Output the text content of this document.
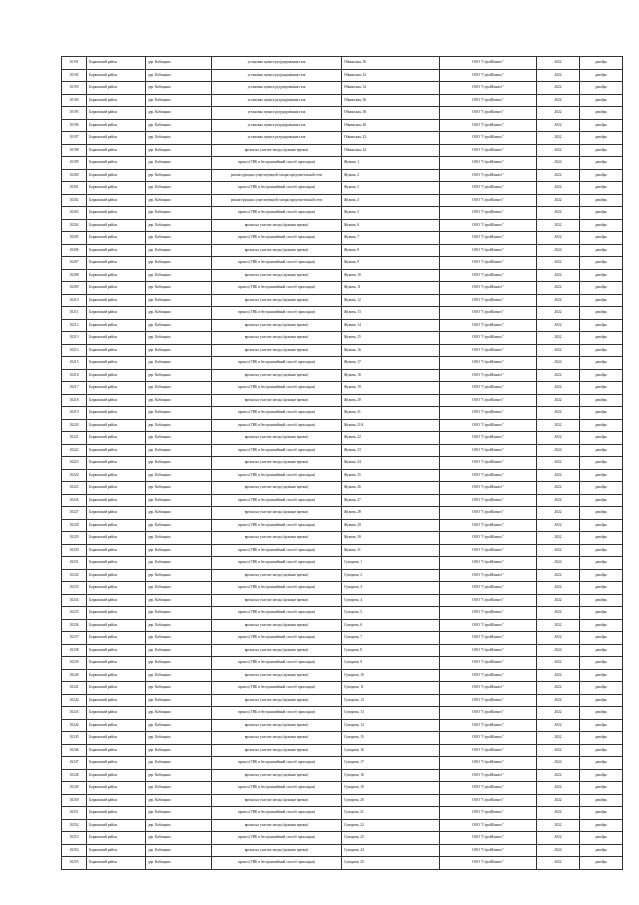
10191	Борковский район	дер. Кабицыно	установка пункта редуцирования газа	Обнинская, 30	ООО "СтройБизнес"	2022	декабрь
10192	Борковский район	дер. Кабицыно	установка пункта редуцирования газа	Обнинская, 32	ООО "СтройБизнес"	2022	декабрь
10193	Борковский район	дер. Кабицыно	установка пункта редуцирования газа	Обнинская, 34	ООО "СтройБизнес"	2022	декабрь
10194	Борковский район	дер. Кабицыно	установка пункта редуцирования газа	Обнинская, 36	ООО "СтройБизнес"	2022	декабрь
10195	Борковский район	дер. Кабицыно	установка пункта редуцирования газа	Обнинская, 38	ООО "СтройБизнес"	2022	декабрь
10196	Борковский район	дер. Кабицыно	установка пункта редуцирования газа	Обнинская, 40	ООО "СтройБизнес"	2022	декабрь
10197	Борковский район	дер. Кабицыно	установка пункта редуцирования газа	Обнинская, 42	ООО "СтройБизнес"	2022	декабрь
10198	Борковский район	дер. Кабицыно	врезка на участке заезда (нужные врезки)	Обнинская, 44	ООО "СтройБизнес"	2022	декабрь
10199	Борковский район	дер. Кабицыно	прокол (ГНБ в бестраншейный способ прокладки)	Жукова, 1	ООО "СтройБизнес"	2022	декабрь
10200	Борковский район	дер. Кабицыно	реконструкция существующей газораспределительной сети	Жукова, 2	ООО "СтройБизнес"	2022	декабрь
10201	Борковский район	дер. Кабицыно	прокол (ГНБ в бестраншейный способ прокладки)	Жукова, 3	ООО "СтройБизнес"	2022	декабрь
10202	Борковский район	дер. Кабицыно	реконструкция существующей газораспределительной сети	Жукова, 4	ООО "СтройБизнес"	2022	декабрь
10203	Борковский район	дер. Кабицыно	прокол (ГНБ в бестраншейный способ прокладки)	Жукова, 5	ООО "СтройБизнес"	2022	декабрь
10204	Борковский район	дер. Кабицыно	врезка на участке заезда (нужные врезки)	Жукова, 6	ООО "СтройБизнес"	2022	декабрь
10205	Борковский район	дер. Кабицыно	прокол (ГНБ в бестраншейный способ прокладки)	Жукова, 7	ООО "СтройБизнес"	2022	декабрь
10206	Борковский район	дер. Кабицыно	врезка на участке заезда (нужные врезки)	Жукова, 8	ООО "СтройБизнес"	2022	декабрь
10207	Борковский район	дер. Кабицыно	прокол (ГНБ в бестраншейный способ прокладки)	Жукова, 9	ООО "СтройБизнес"	2022	декабрь
10208	Борковский район	дер. Кабицыно	врезка на участке заезда (нужные врезки)	Жукова, 10	ООО "СтройБизнес"	2022	декабрь
10209	Борковский район	дер. Кабицыно	прокол (ГНБ в бестраншейный способ прокладки)	Жукова, 11	ООО "СтройБизнес"	2022	декабрь
10210	Борковский район	дер. Кабицыно	врезка на участке заезда (нужные врезки)	Жукова, 12	ООО "СтройБизнес"	2022	декабрь
10211	Борковский район	дер. Кабицыно	прокол (ГНБ в бестраншейный способ прокладки)	Жукова, 13	ООО "СтройБизнес"	2022	декабрь
10212	Борковский район	дер. Кабицыно	врезка на участке заезда (нужные врезки)	Жукова, 14	ООО "СтройБизнес"	2022	декабрь
10213	Борковский район	дер. Кабицыно	врезка на участке заезда (нужные врезки)	Жукова, 15	ООО "СтройБизнес"	2022	декабрь
10214	Борковский район	дер. Кабицыно	врезка на участке заезда (нужные врезки)	Жукова, 16	ООО "СтройБизнес"	2022	декабрь
10215	Борковский район	дер. Кабицыно	прокол (ГНБ в бестраншейный способ прокладки)	Жукова, 17	ООО "СтройБизнес"	2022	декабрь
10216	Борковский район	дер. Кабицыно	врезка на участке заезда (нужные врезки)	Жукова, 18	ООО "СтройБизнес"	2022	декабрь
10217	Борковский район	дер. Кабицыно	прокол (ГНБ в бестраншейный способ прокладки)	Жукова, 19	ООО "СтройБизнес"	2022	декабрь
10218	Борковский район	дер. Кабицыно	врезка на участке заезда (нужные врезки)	Жукова, 20	ООО "СтройБизнес"	2022	декабрь
10219	Борковский район	дер. Кабицыно	прокол (ГНБ в бестраншейный способ прокладки)	Жукова, 21	ООО "СтройБизнес"	2022	декабрь
10220	Борковский район	дер. Кабицыно	прокол (ГНБ в бестраншейный способ прокладки)	Жукова, 21А	ООО "СтройБизнес"	2022	декабрь
10221	Борковский район	дер. Кабицыно	врезка на участке заезда (нужные врезки)	Жукова, 22	ООО "СтройБизнес"	2022	декабрь
10222	Борковский район	дер. Кабицыно	прокол (ГНБ в бестраншейный способ прокладки)	Жукова, 23	ООО "СтройБизнес"	2022	декабрь
10223	Борковский район	дер. Кабицыно	врезка на участке заезда (нужные врезки)	Жукова, 24	ООО "СтройБизнес"	2022	декабрь
10224	Борковский район	дер. Кабицыно	прокол (ГНБ в бестраншейный способ прокладки)	Жукова, 25	ООО "СтройБизнес"	2022	декабрь
10225	Борковский район	дер. Кабицыно	врезка на участке заезда (нужные врезки)	Жукова, 26	ООО "СтройБизнес"	2022	декабрь
10226	Борковский район	дер. Кабицыно	прокол (ГНБ в бестраншейный способ прокладки)	Жукова, 27	ООО "СтройБизнес"	2022	декабрь
10227	Борковский район	дер. Кабицыно	врезка на участке заезда (нужные врезки)	Жукова, 28	ООО "СтройБизнес"	2022	декабрь
10228	Борковский район	дер. Кабицыно	прокол (ГНБ в бестраншейный способ прокладки)	Жукова, 29	ООО "СтройБизнес"	2022	декабрь
10229	Борковский район	дер. Кабицыно	врезка на участке заезда (нужные врезки)	Жукова, 30	ООО "СтройБизнес"	2022	декабрь
10230	Борковский район	дер. Кабицыно	прокол (ГНБ в бестраншейный способ прокладки)	Жукова, 31	ООО "СтройБизнес"	2022	декабрь
10231	Борковский район	дер. Кабицыно	прокол (ГНБ в бестраншейный способ прокладки)	Суворова, 1	ООО "СтройБизнес"	2022	декабрь
10232	Борковский район	дер. Кабицыно	врезка на участке заезда (нужные врезки)	Суворова, 2	ООО "СтройБизнес"	2022	декабрь
10233	Борковский район	дер. Кабицыно	прокол (ГНБ в бестраншейный способ прокладки)	Суворова, 3	ООО "СтройБизнес"	2022	декабрь
10234	Борковский район	дер. Кабицыно	врезка на участке заезда (нужные врезки)	Суворова, 4	ООО "СтройБизнес"	2022	декабрь
10235	Борковский район	дер. Кабицыно	прокол (ГНБ в бестраншейный способ прокладки)	Суворова, 5	ООО "СтройБизнес"	2022	декабрь
10236	Борковский район	дер. Кабицыно	врезка на участке заезда (нужные врезки)	Суворова, 6	ООО "СтройБизнес"	2022	декабрь
10237	Борковский район	дер. Кабицыно	прокол (ГНБ в бестраншейный способ прокладки)	Суворова, 7	ООО "СтройБизнес"	2022	декабрь
10238	Борковский район	дер. Кабицыно	врезка на участке заезда (нужные врезки)	Суворова, 8	ООО "СтройБизнес"	2022	декабрь
10239	Борковский район	дер. Кабицыно	прокол (ГНБ в бестраншейный способ прокладки)	Суворова, 9	ООО "СтройБизнес"	2022	декабрь
10240	Борковский район	дер. Кабицыно	врезка на участке заезда (нужные врезки)	Суворова, 10	ООО "СтройБизнес"	2022	декабрь
10241	Борковский район	дер. Кабицыно	прокол (ГНБ в бестраншейный способ прокладки)	Суворова, 11	ООО "СтройБизнес"	2022	декабрь
10242	Борковский район	дер. Кабицыно	врезка на участке заезда (нужные врезки)	Суворова, 12	ООО "СтройБизнес"	2022	декабрь
10243	Борковский район	дер. Кабицыно	прокол (ГНБ в бестраншейный способ прокладки)	Суворова, 13	ООО "СтройБизнес"	2022	декабрь
10244	Борковский район	дер. Кабицыно	врезка на участке заезда (нужные врезки)	Суворова, 14	ООО "СтройБизнес"	2022	декабрь
10245	Борковский район	дер. Кабицыно	врезка на участке заезда (нужные врезки)	Суворова, 15	ООО "СтройБизнес"	2022	декабрь
10246	Борковский район	дер. Кабицыно	врезка на участке заезда (нужные врезки)	Суворова, 16	ООО "СтройБизнес"	2022	декабрь
10247	Борковский район	дер. Кабицыно	прокол (ГНБ в бестраншейный способ прокладки)	Суворова, 17	ООО "СтройБизнес"	2022	декабрь
10248	Борковский район	дер. Кабицыно	врезка на участке заезда (нужные врезки)	Суворова, 18	ООО "СтройБизнес"	2022	декабрь
10249	Борковский район	дер. Кабицыно	прокол (ГНБ в бестраншейный способ прокладки)	Суворова, 19	ООО "СтройБизнес"	2022	декабрь
10250	Борковский район	дер. Кабицыно	врезка на участке заезда (нужные врезки)	Суворова, 20	ООО "СтройБизнес"	2022	декабрь
10251	Борковский район	дер. Кабицыно	прокол (ГНБ в бестраншейный способ прокладки)	Суворова, 21	ООО "СтройБизнес"	2022	декабрь
10252	Борковский район	дер. Кабицыно	врезка на участке заезда (нужные врезки)	Суворова, 22	ООО "СтройБизнес"	2022	декабрь
10253	Борковский район	дер. Кабицыно	прокол (ГНБ в бестраншейный способ прокладки)	Суворова, 23	ООО "СтройБизнес"	2022	декабрь
10254	Борковский район	дер. Кабицыно	врезка на участке заезда (нужные врезки)	Суворова, 24	ООО "СтройБизнес"	2022	декабрь
10255	Борковский район	дер. Кабицыно	прокол (ГНБ в бестраншейный способ прокладки)	Суворова, 25	ООО "СтройБизнес"	2022	декабрь
